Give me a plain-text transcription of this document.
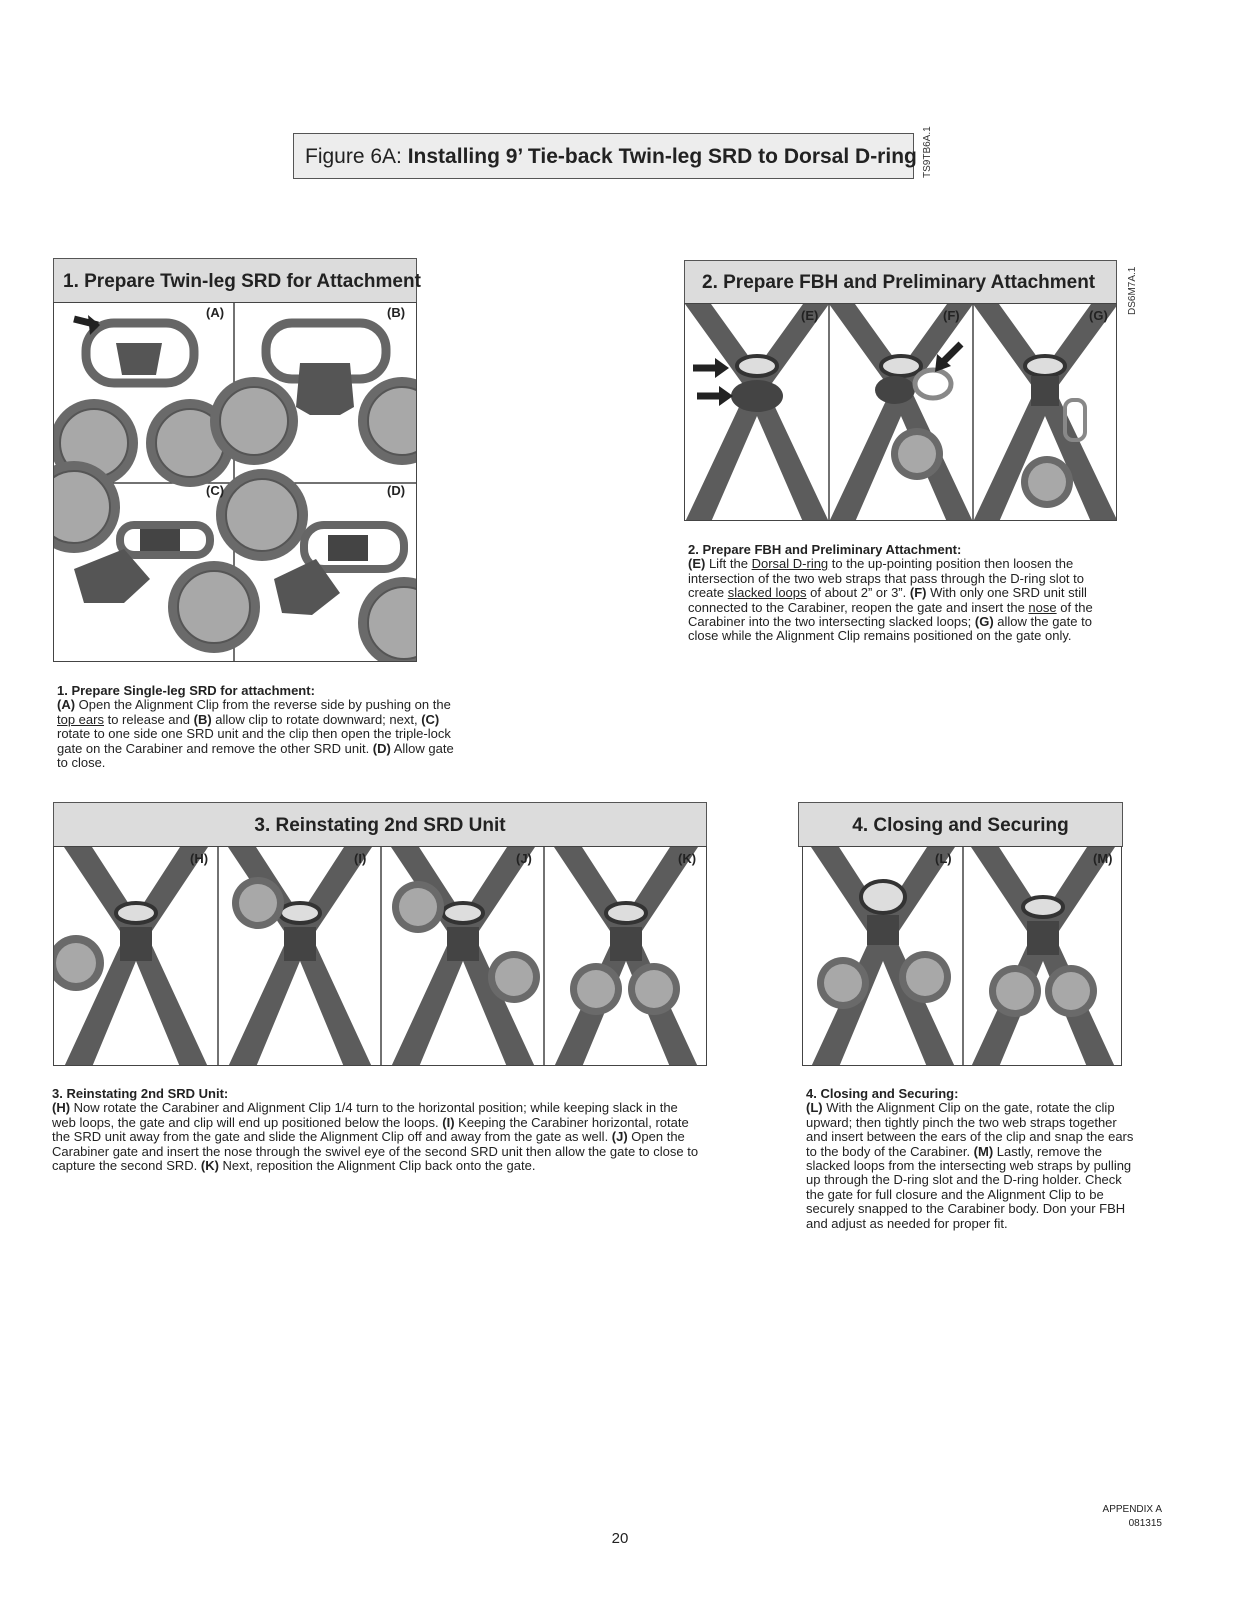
Figure 6A: Installing 9’ Tie-back Twin-leg SRD to Dorsal D-ring TS9TB6A.1
1. Prepare Twin-leg SRD for Attachment
(A)	(B)
(C)	(D)

1. Prepare Single-leg SRD for attachment:

(A) Open the Alignment Clip from the reverse side by pushing on the top ears to release and (B) allow clip to rotate downward; next, (C) rotate to one side one SRD unit and the clip then open the triple-lock gate on the Carabiner and remove the other SRD unit. (D) Allow gate to close.

2. Prepare FBH and Preliminary Attachment	DS6M7A.1
(E)	(F)	(G)

2. Prepare FBH and Preliminary Attachment:

(E) Lift the Dorsal D-ring to the up-pointing position then loosen the intersection of the two web straps that pass through the D-ring slot to create slacked loops of about 2” or 3”. (F) With only one SRD unit still connected to the Carabiner, reopen the gate and insert the nose of the Carabiner into the two intersecting slacked loops; (G) allow the gate to close while the Alignment Clip remains positioned on the gate only.

3. Reinstating 2nd SRD Unit
(H)	(I)	(J)	(K)

3. Reinstating 2nd SRD Unit:

(H) Now rotate the Carabiner and Alignment Clip 1/4 turn to the horizontal position; while keeping slack in the web loops, the gate and clip will end up positioned below the loops. (I) Keeping the Carabiner horizontal, rotate the SRD unit away from the gate and slide the Alignment Clip off and away from the gate as well. (J) Open the Carabiner gate and insert the nose through the swivel eye of the second SRD unit then allow the gate to close to capture the second SRD. (K) Next, reposition the Alignment Clip back onto the gate.

4. Closing and Securing
(L)	(M)

4. Closing and Securing:

(L) With the Alignment Clip on the gate, rotate the clip upward; then tightly pinch the two web straps together and insert between the ears of the clip and snap the ears to the body of the Carabiner. (M) Lastly, remove the slacked loops from the intersecting web straps by pulling up through the D-ring slot and the D-ring holder. Check the gate for full closure and the Alignment Clip to be securely snapped to the Carabiner body. Don your FBH and adjust as needed for proper fit.

APPENDIX A
081315
20
